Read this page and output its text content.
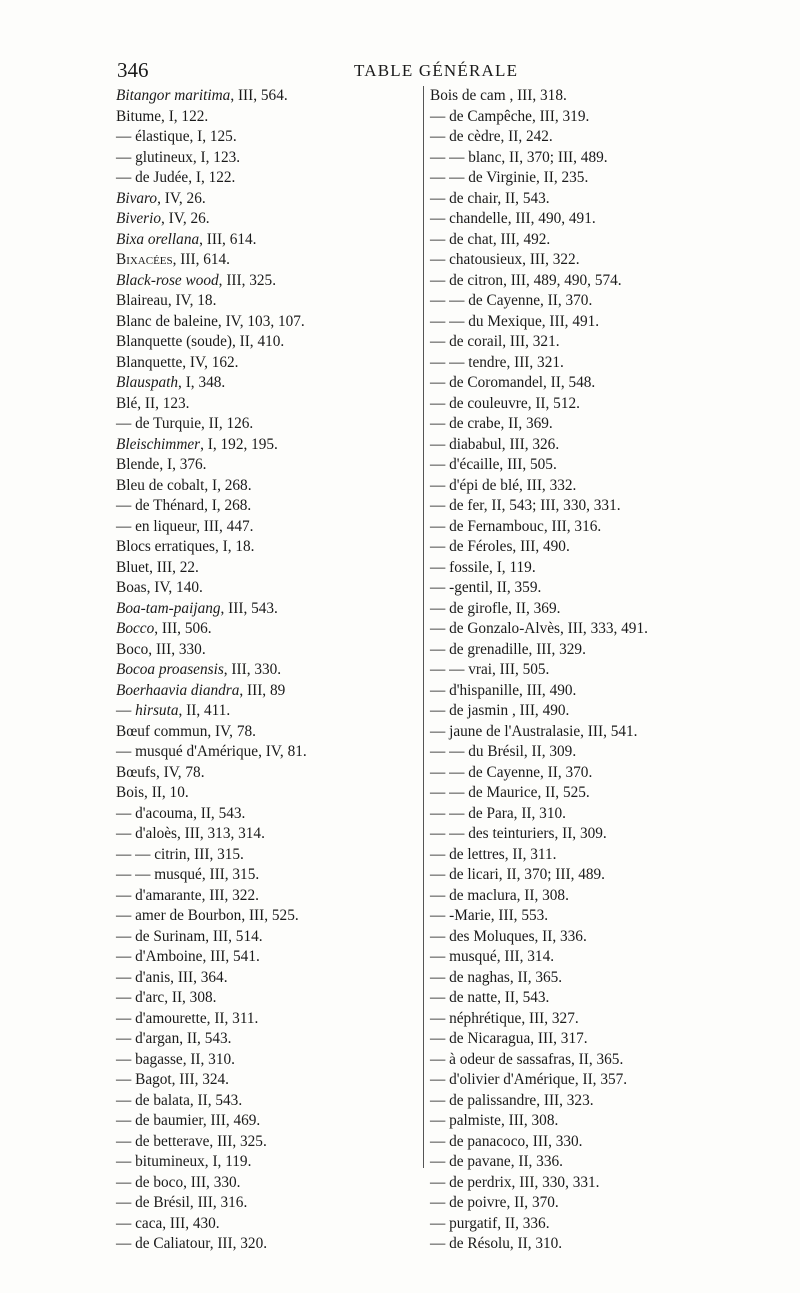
346	TABLE GÉNÉRALE
Bitangor maritima, III, 564.
Bitume, I, 122.
— élastique, I, 125.
— glutineux, I, 123.
— de Judée, I, 122.
Bivaro, IV, 26.
Biverio, IV, 26.
Bixa orellana, III, 614.
Bixacées, III, 614.
Black-rose wood, III, 325.
Blaireau, IV, 18.
Blanc de baleine, IV, 103, 107.
Blanquette (soude), II, 410.
Blanquette, IV, 162.
Blauspath, I, 348.
Blé, II, 123.
— de Turquie, II, 126.
Bleischimmer, I, 192, 195.
Blende, I, 376.
Bleu de cobalt, I, 268.
— de Thénard, I, 268.
— en liqueur, III, 447.
Blocs erratiques, I, 18.
Bluet, III, 22.
Boas, IV, 140.
Boa-tam-paijang, III, 543.
Bocco, III, 506.
Boco, III, 330.
Bocoa proasensis, III, 330.
Boerhaavia diandra, III, 89
— hirsuta, II, 411.
Bœuf commun, IV, 78.
— musqué d'Amérique, IV, 81.
Bœufs, IV, 78.
Bois, II, 10.
— d'acouma, II, 543.
— d'aloès, III, 313, 314.
— — citrin, III, 315.
— — musqué, III, 315.
— d'amarante, III, 322.
— amer de Bourbon, III, 525.
— de Surinam, III, 514.
— d'Amboine, III, 541.
— d'anis, III, 364.
— d'arc, II, 308.
— d'amourette, II, 311.
— d'argan, II, 543.
— bagasse, II, 310.
— Bagot, III, 324.
— de balata, II, 543.
— de baumier, III, 469.
— de betterave, III, 325.
— bitumineux, I, 119.
— de boco, III, 330.
— de Brésil, III, 316.
— caca, III, 430.
— de Caliatour, III, 320.
Bois de cam , III, 318.
— de Campêche, III, 319.
— de cèdre, II, 242.
— — blanc, II, 370; III, 489.
— — de Virginie, II, 235.
— de chair, II, 543.
— chandelle, III, 490, 491.
— de chat, III, 492.
— chatousieux, III, 322.
— de citron, III, 489, 490, 574.
— — de Cayenne, II, 370.
— — du Mexique, III, 491.
— de corail, III, 321.
— — tendre, III, 321.
— de Coromandel, II, 548.
— de couleuvre, II, 512.
— de crabe, II, 369.
— diababul, III, 326.
— d'écaille, III, 505.
— d'épi de blé, III, 332.
— de fer, II, 543; III, 330, 331.
— de Fernambouc, III, 316.
— de Féroles, III, 490.
— fossile, I, 119.
— -gentil, II, 359.
— de girofle, II, 369.
— de Gonzalo-Alvès, III, 333, 491.
— de grenadille, III, 329.
— — vrai, III, 505.
— d'hispanille, III, 490.
— de jasmin , III, 490.
— jaune de l'Australasie, III, 541.
— — du Brésil, II, 309.
— — de Cayenne, II, 370.
— — de Maurice, II, 525.
— — de Para, II, 310.
— — des teinturiers, II, 309.
— de lettres, II, 311.
— de licari, II, 370; III, 489.
— de maclura, II, 308.
— -Marie, III, 553.
— des Moluques, II, 336.
— musqué, III, 314.
— de naghas, II, 365.
— de natte, II, 543.
— néphrétique, III, 327.
— de Nicaragua, III, 317.
— à odeur de sassafras, II, 365.
— d'olivier d'Amérique, II, 357.
— de palissandre, III, 323.
— palmiste, III, 308.
— de panacoco, III, 330.
— de pavane, II, 336.
— de perdrix, III, 330, 331.
— de poivre, II, 370.
— purgatif, II, 336.
— de Résolu, II, 310.
